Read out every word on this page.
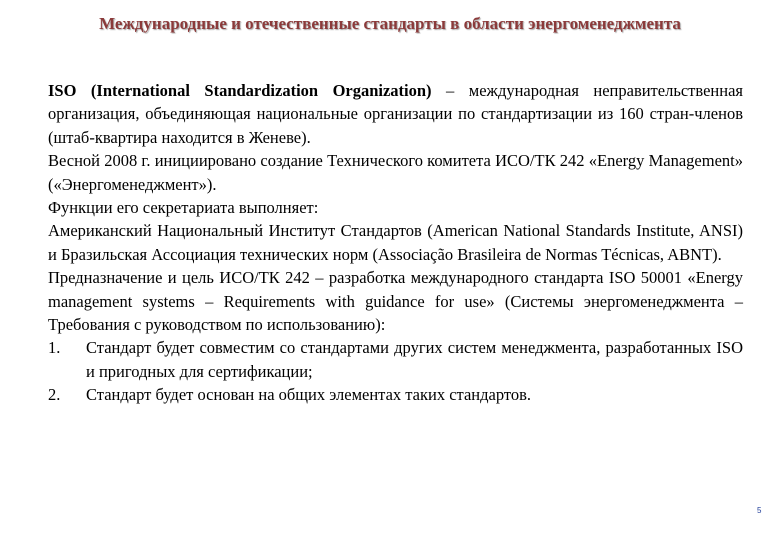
Международные и отечественные стандарты в области энергоменеджмента

ISO (International Standardization Organization) – международная неправительственная организация, объединяющая национальные организации по стандартизации из 160 стран-членов (штаб-квартира находится в Женеве).

Весной 2008 г. инициировано создание Технического комитета ИСО/ТК 242 «Energy Management» («Энергоменеджмент»).

Функции его секретариата выполняет:

Американский Национальный Институт Стандартов (American National Standards Institute, ANSI) и Бразильская Ассоциация технических норм (Associação Brasileira de Normas Técnicas, ABNT).

Предназначение и цель ИСО/ТК 242 – разработка международного стандарта ISO 50001 «Energy management systems – Requirements with guidance for use» (Системы энергоменеджмента –Требования с руководством по использованию):

1. Стандарт будет совместим со стандартами других систем менеджмента, разработанных ISO и пригодных для сертификации;
2. Стандарт будет основан на общих элементах таких стандартов.
5
